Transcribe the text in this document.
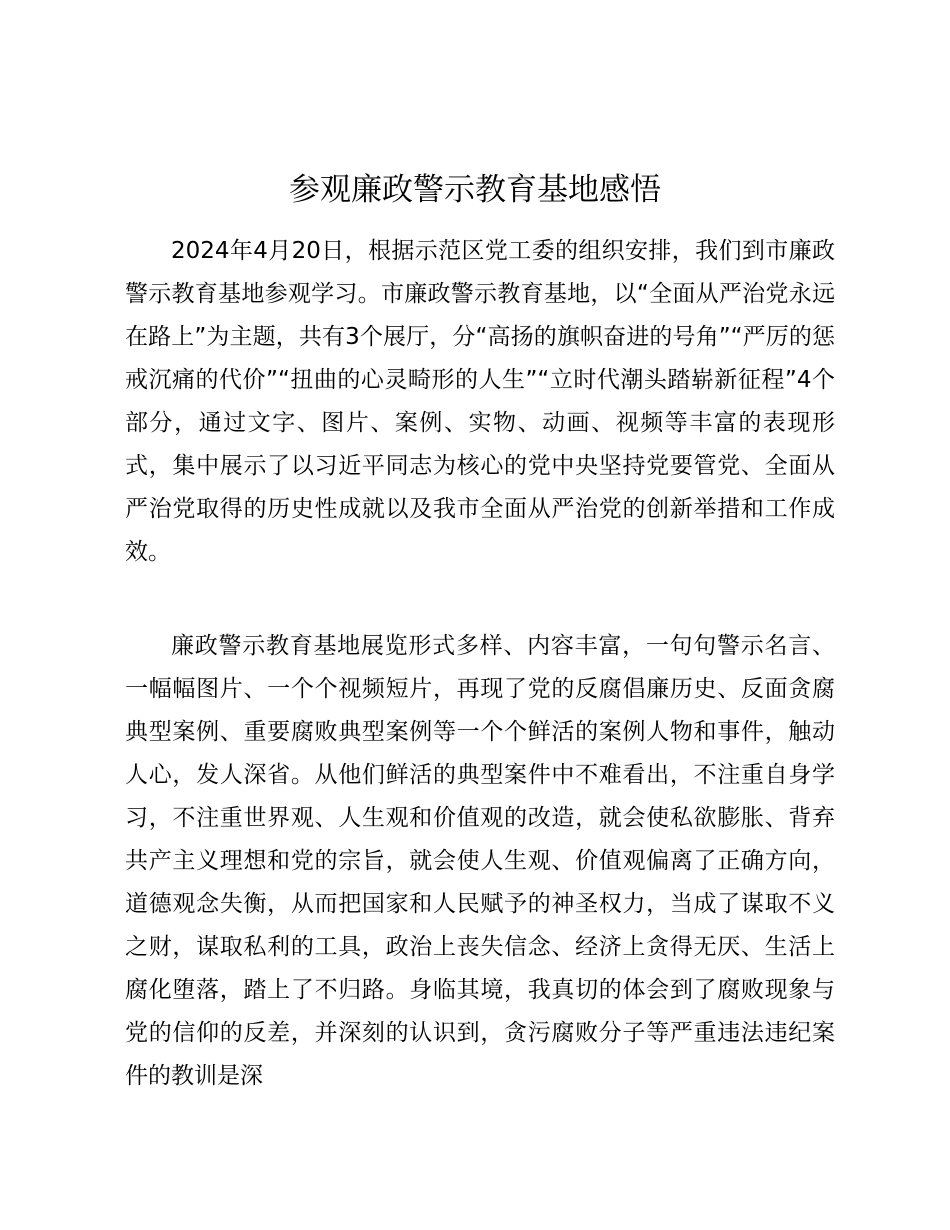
参观廉政警示教育基地感悟

2024年4月20日，根据示范区党工委的组织安排，我们到市廉政警示教育基地参观学习。市廉政警示教育基地，以“全面从严治党永远在路上”为主题，共有3个展厅，分“高扬的旗帜奋进的号角”“严厉的惩戒沉痛的代价”“扭曲的心灵畸形的人生”“立时代潮头踏崭新征程”4个部分，通过文字、图片、案例、实物、动画、视频等丰富的表现形式，集中展示了以习近平同志为核心的党中央坚持党要管党、全面从严治党取得的历史性成就以及我市全面从严治党的创新举措和工作成效。

廉政警示教育基地展览形式多样、内容丰富，一句句警示名言、一幅幅图片、一个个视频短片，再现了党的反腐倡廉历史、反面贪腐典型案例、重要腐败典型案例等一个个鲜活的案例人物和事件，触动人心，发人深省。从他们鲜活的典型案件中不难看出，不注重自身学习，不注重世界观、人生观和价值观的改造，就会使私欲膨胀、背弃共产主义理想和党的宗旨，就会使人生观、价值观偏离了正确方向，道德观念失衡，从而把国家和人民赋予的神圣权力，当成了谋取不义之财，谋取私利的工具，政治上丧失信念、经济上贪得无厌、生活上腐化堕落，踏上了不归路。身临其境，我真切的体会到了腐败现象与党的信仰的反差，并深刻的认识到，贪污腐败分子等严重违法违纪案件的教训是深
